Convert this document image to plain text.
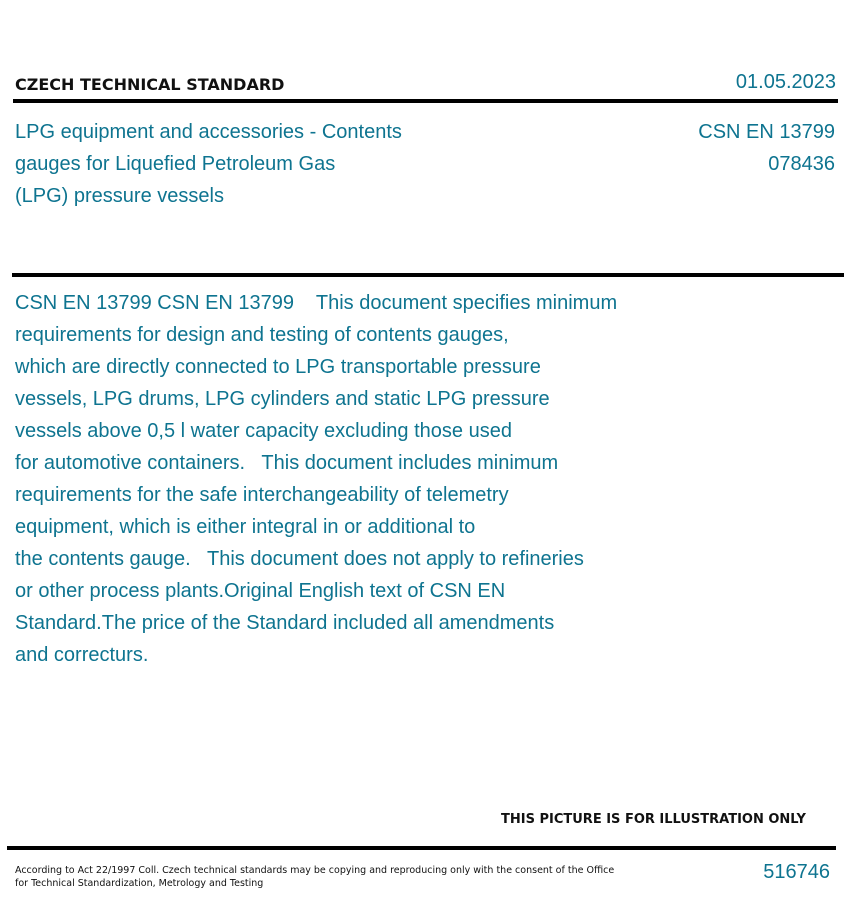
CZECH TECHNICAL STANDARD	01.05.2023
LPG equipment and accessories - Contents
gauges for Liquefied Petroleum Gas
(LPG) pressure vessels
CSN EN 13799
078436
CSN EN 13799 CSN EN 13799    This document specifies minimum
requirements for design and testing of contents gauges,
which are directly connected to LPG transportable pressure
vessels, LPG drums, LPG cylinders and static LPG pressure
vessels above 0,5 l water capacity excluding those used
for automotive containers.   This document includes minimum
requirements for the safe interchangeability of telemetry
equipment, which is either integral in or additional to
the contents gauge.   This document does not apply to refineries
or other process plants.Original English text of CSN EN
Standard.The price of the Standard included all amendments
and correcturs.
THIS PICTURE IS FOR ILLUSTRATION ONLY
According to Act 22/1997 Coll. Czech technical standards may be copying and reproducing only with the consent of the Office
for Technical Standardization, Metrology and Testing
516746
